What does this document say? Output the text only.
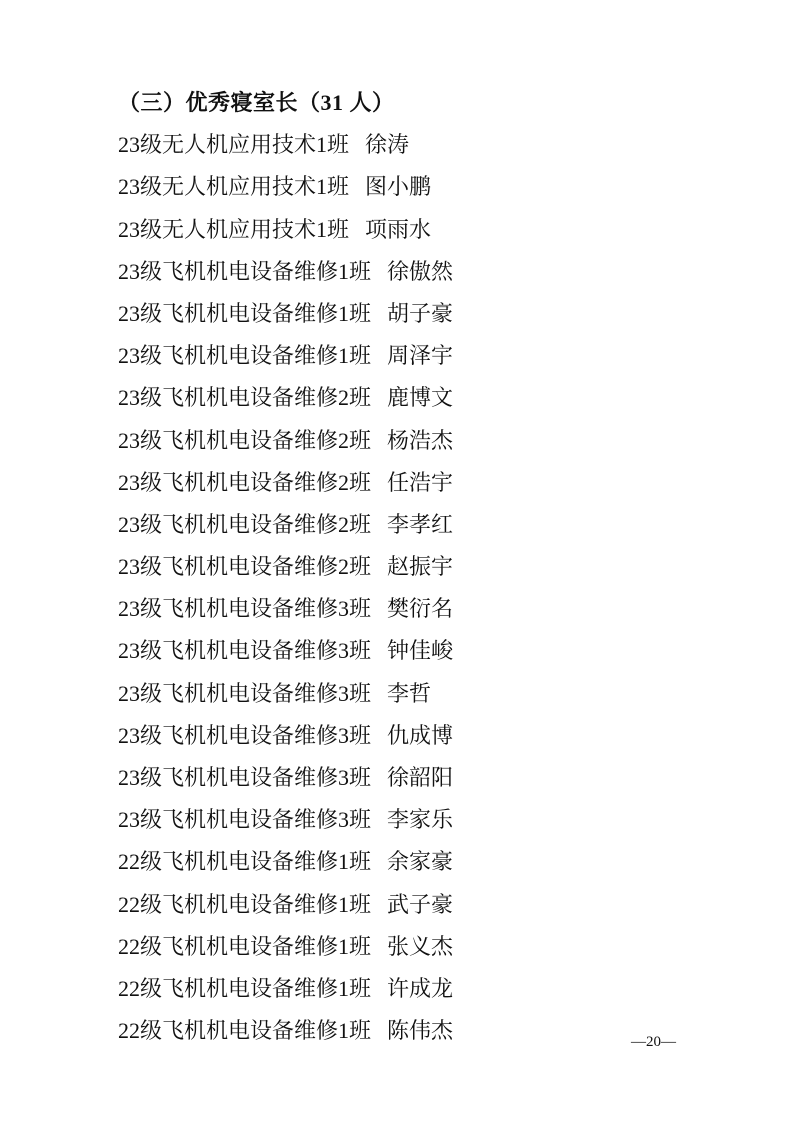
（三）优秀寝室长（31 人）
23级无人机应用技术1班 徐涛
23级无人机应用技术1班 图小鹏
23级无人机应用技术1班 项雨水
23级飞机机电设备维修1班 徐傲然
23级飞机机电设备维修1班 胡子豪
23级飞机机电设备维修1班 周泽宇
23级飞机机电设备维修2班 鹿博文
23级飞机机电设备维修2班 杨浩杰
23级飞机机电设备维修2班 任浩宇
23级飞机机电设备维修2班 李孝红
23级飞机机电设备维修2班 赵振宇
23级飞机机电设备维修3班 樊衍名
23级飞机机电设备维修3班 钟佳峻
23级飞机机电设备维修3班 李哲
23级飞机机电设备维修3班 仇成博
23级飞机机电设备维修3班 徐韶阳
23级飞机机电设备维修3班 李家乐
22级飞机机电设备维修1班 余家豪
22级飞机机电设备维修1班 武子豪
22级飞机机电设备维修1班 张义杰
22级飞机机电设备维修1班 许成龙
22级飞机机电设备维修1班 陈伟杰	—20—
